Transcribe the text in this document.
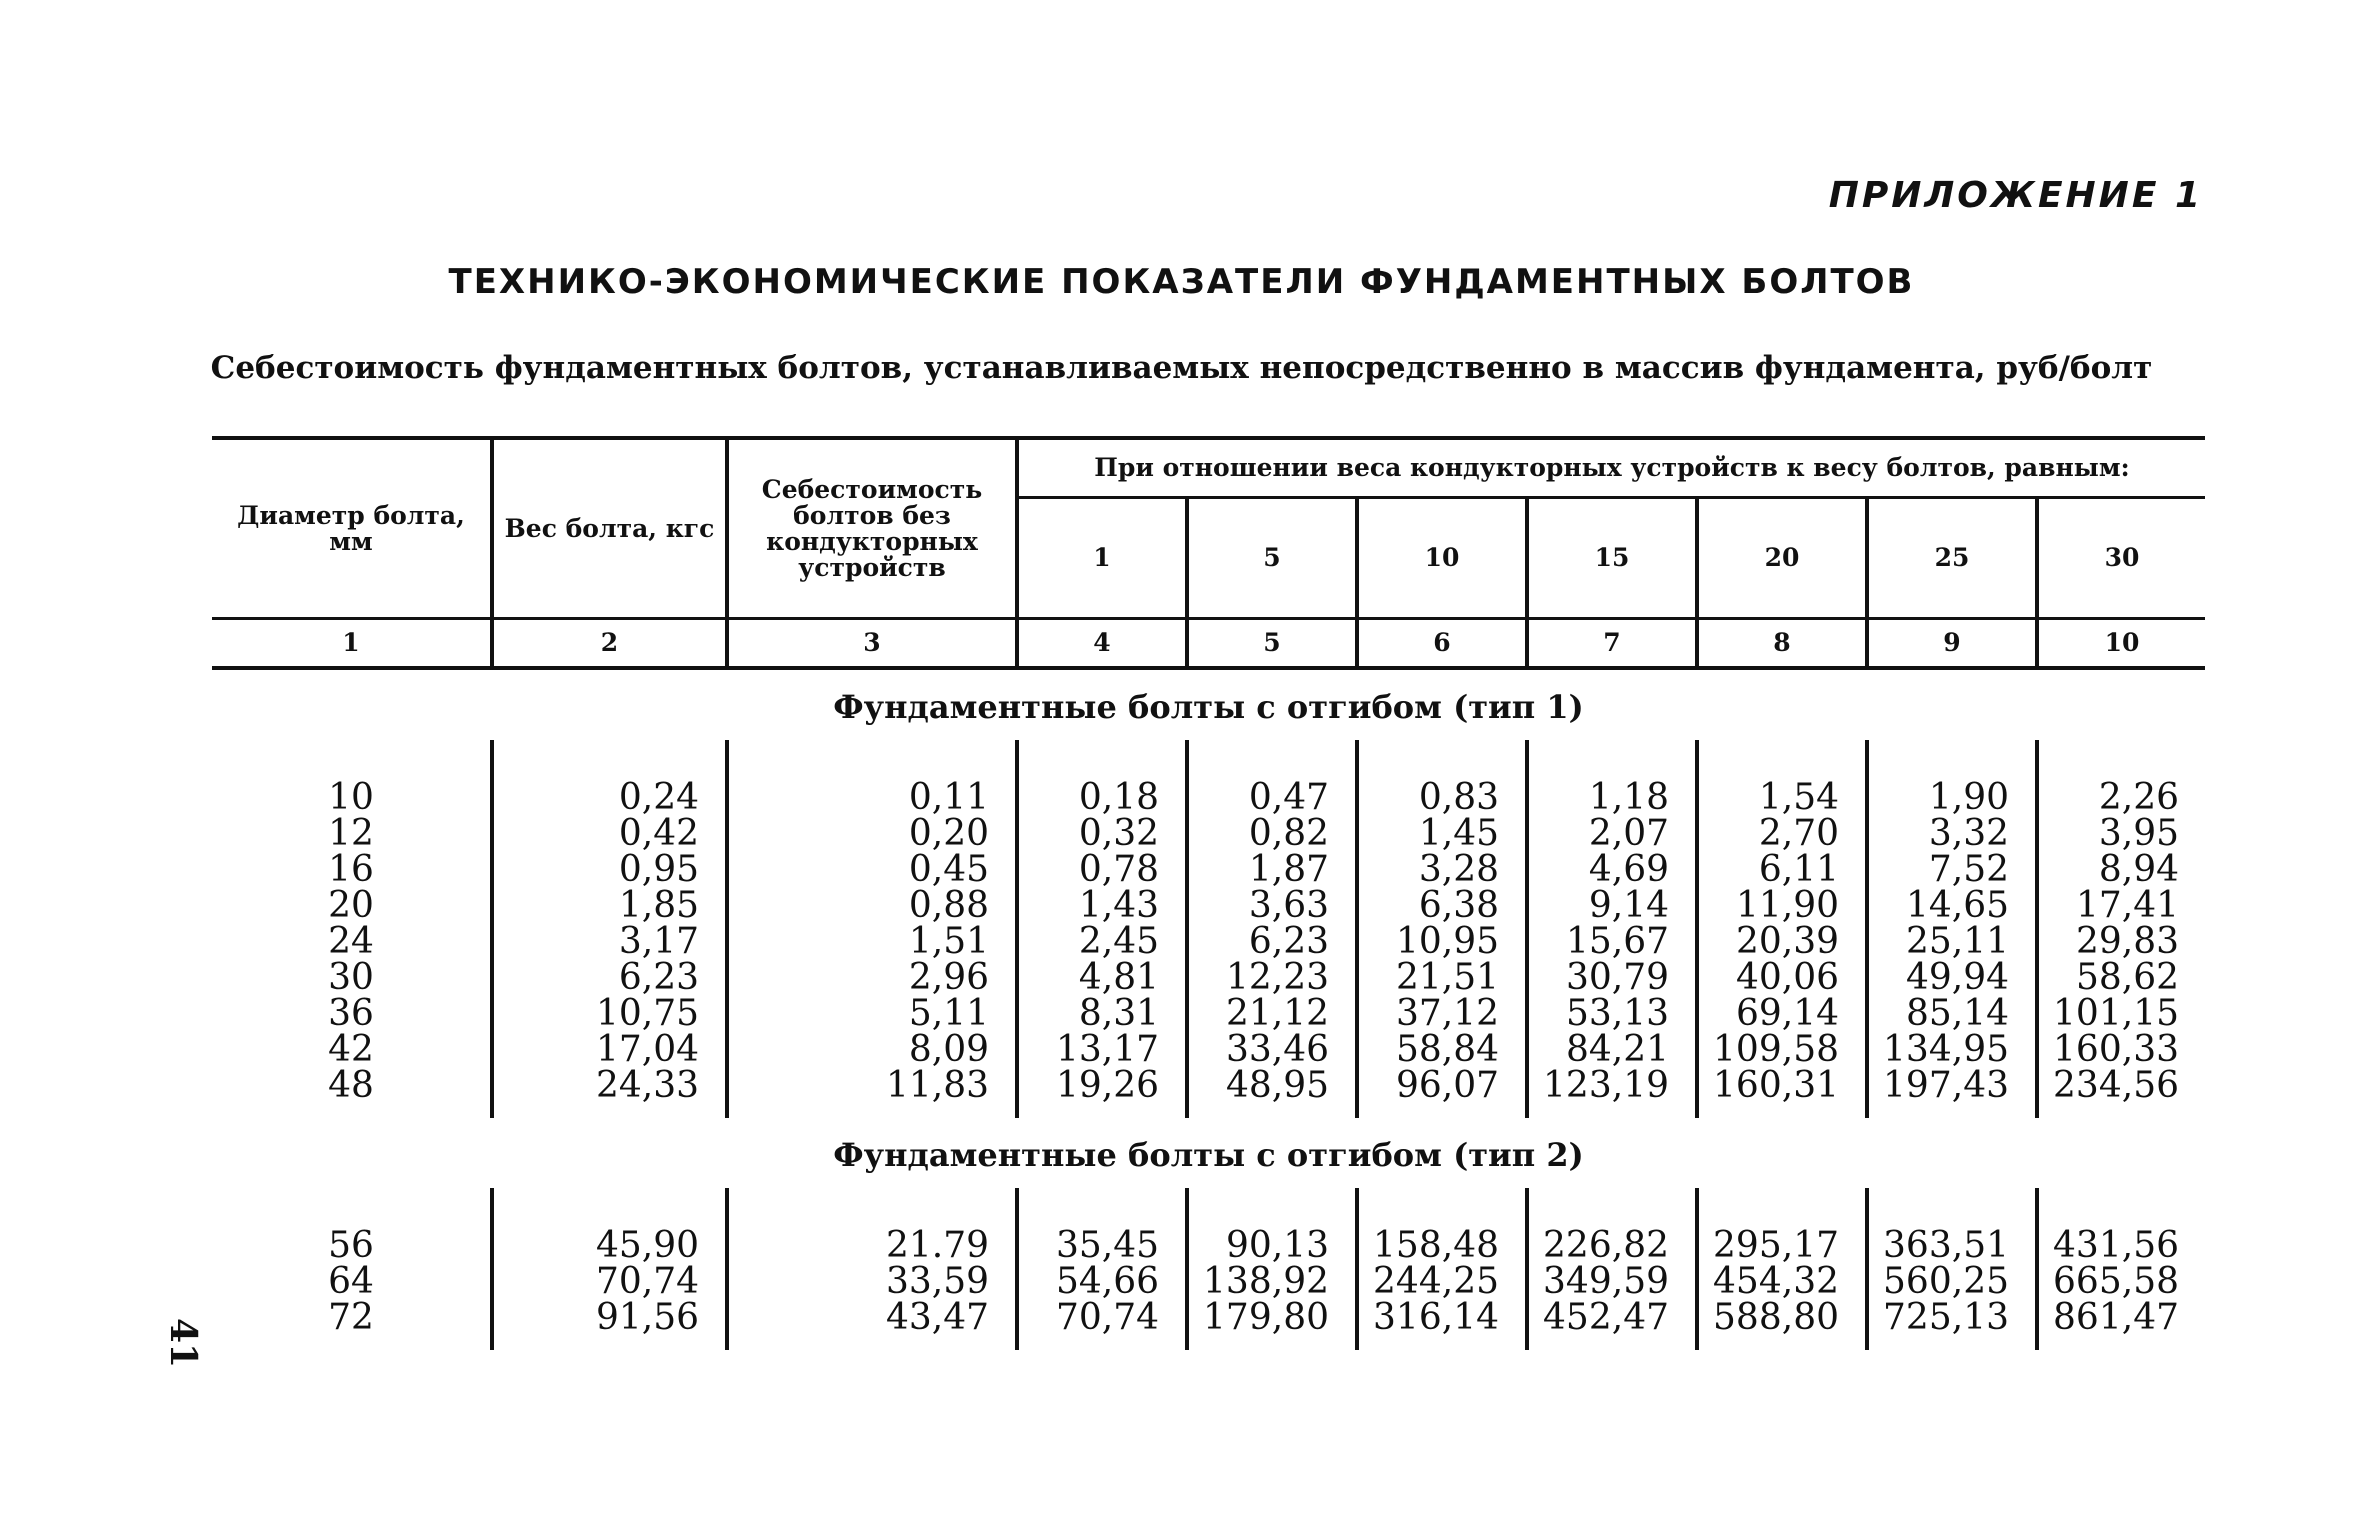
ПРИЛОЖЕНИЕ 1
ТЕХНИКО-ЭКОНОМИЧЕСКИЕ ПОКАЗАТЕЛИ ФУНДАМЕНТНЫХ БОЛТОВ
Себестоимость фундаментных болтов, устанавливаемых непосредственно в массив фундамента, руб/болт
Диаметр болта, мм	Вес болта, кгс	Себестоимость болтов без кондукторных устройств	При отношении веса кондукторных устройств к весу болтов, равным:						
			1	5	10	15	20	25	30
1	2	3	4	5	6	7	8	9	10
Фундаментные болты с отгибом (тип 1)

10	0,24	0,11	0,18	0,47	0,83	1,18	1,54	1,90	2,26
12	0,42	0,20	0,32	0,82	1,45	2,07	2,70	3,32	3,95
16	0,95	0,45	0,78	1,87	3,28	4,69	6,11	7,52	8,94
20	1,85	0,88	1,43	3,63	6,38	9,14	11,90	14,65	17,41
24	3,17	1,51	2,45	6,23	10,95	15,67	20,39	25,11	29,83
30	6,23	2,96	4,81	12,23	21,51	30,79	40,06	49,94	58,62
36	10,75	5,11	8,31	21,12	37,12	53,13	69,14	85,14	101,15
42	17,04	8,09	13,17	33,46	58,84	84,21	109,58	134,95	160,33
48	24,33	11,83	19,26	48,95	96,07	123,19	160,31	197,43	234,56

Фундаментные болты с отгибом (тип 2)

56	45,90	21.79	35,45	90,13	158,48	226,82	295,17	363,51	431,56
64	70,74	33,59	54,66	138,92	244,25	349,59	454,32	560,25	665,58
72	91,56	43,47	70,74	179,80	316,14	452,47	588,80	725,13	861,47

41
